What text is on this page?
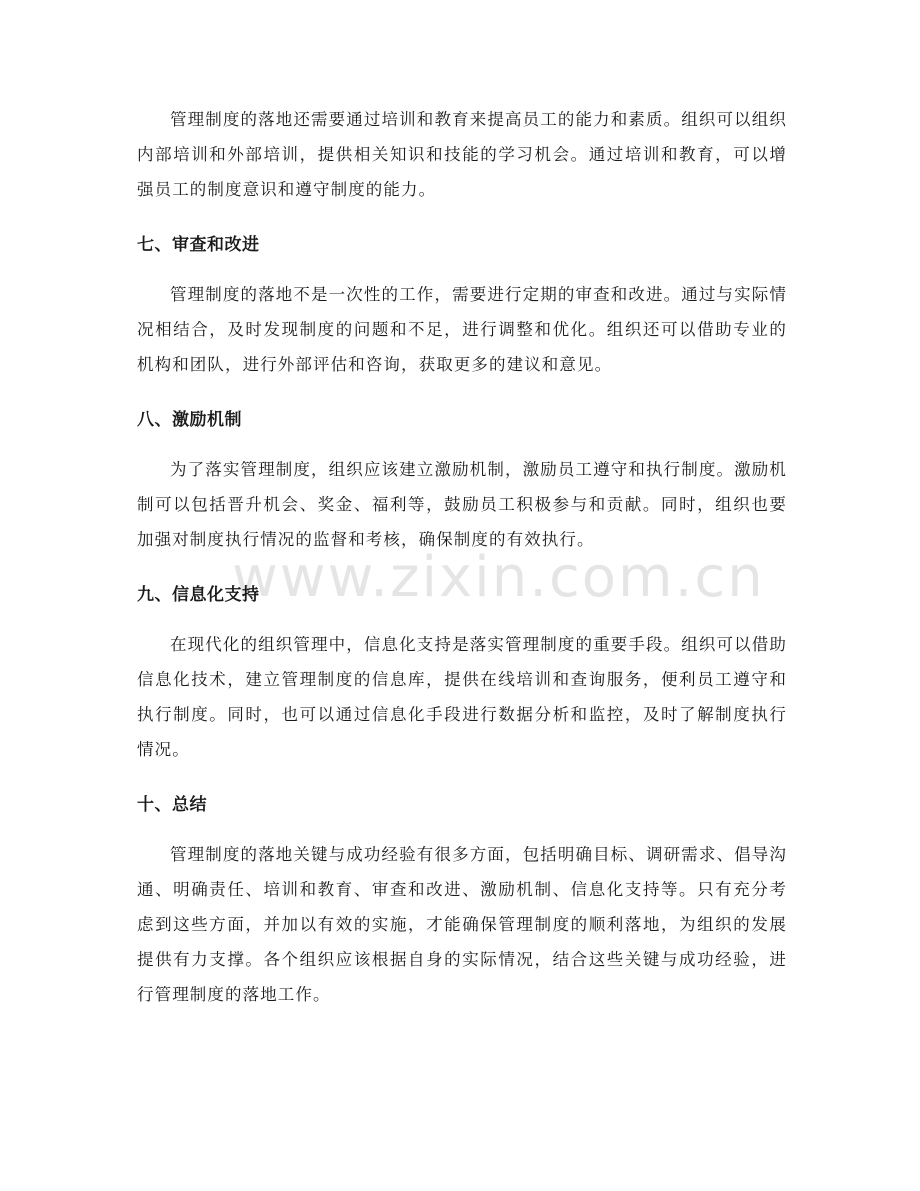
管理制度的落地还需要通过培训和教育来提高员工的能力和素质。组织可以组织内部培训和外部培训，提供相关知识和技能的学习机会。通过培训和教育，可以增强员工的制度意识和遵守制度的能力。

七、审查和改进

管理制度的落地不是一次性的工作，需要进行定期的审查和改进。通过与实际情况相结合，及时发现制度的问题和不足，进行调整和优化。组织还可以借助专业的机构和团队，进行外部评估和咨询，获取更多的建议和意见。

八、激励机制

为了落实管理制度，组织应该建立激励机制，激励员工遵守和执行制度。激励机制可以包括晋升机会、奖金、福利等，鼓励员工积极参与和贡献。同时，组织也要加强对制度执行情况的监督和考核，确保制度的有效执行。

九、信息化支持

在现代化的组织管理中，信息化支持是落实管理制度的重要手段。组织可以借助信息化技术，建立管理制度的信息库，提供在线培训和查询服务，便利员工遵守和执行制度。同时，也可以通过信息化手段进行数据分析和监控，及时了解制度执行情况。

十、总结

管理制度的落地关键与成功经验有很多方面，包括明确目标、调研需求、倡导沟通、明确责任、培训和教育、审查和改进、激励机制、信息化支持等。只有充分考虑到这些方面，并加以有效的实施，才能确保管理制度的顺利落地，为组织的发展提供有力支撑。各个组织应该根据自身的实际情况，结合这些关键与成功经验，进行管理制度的落地工作。

www.zixin.com.cn
